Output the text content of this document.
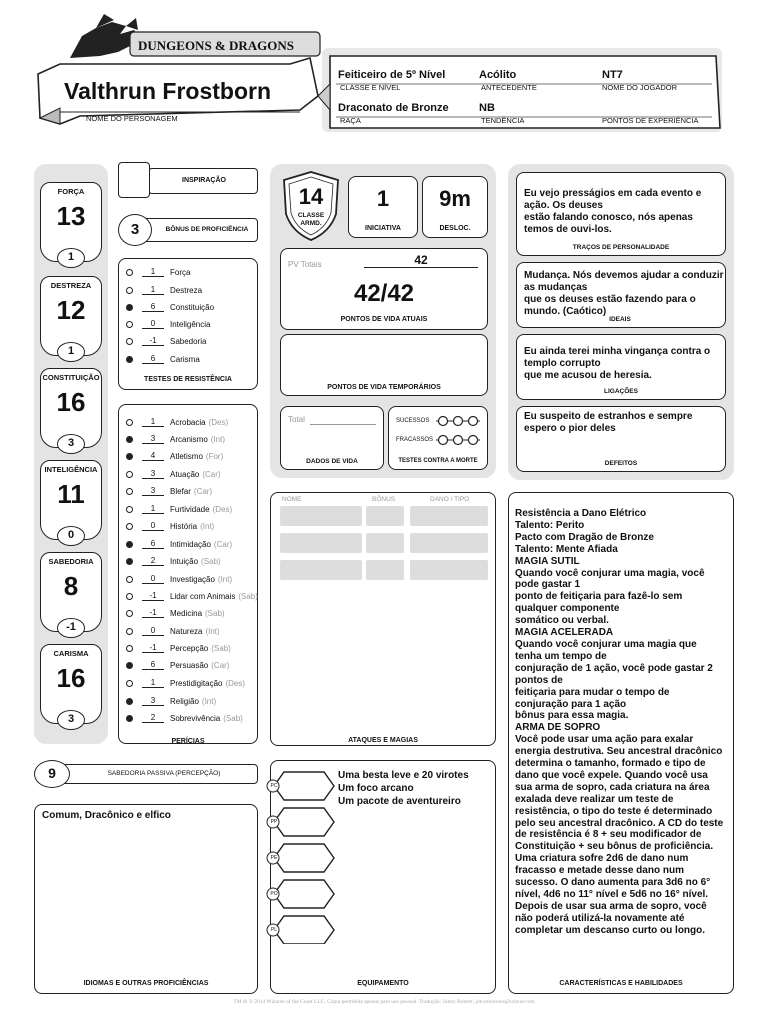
DUNGEONS & DRAGONS
Valthrun Frostborn
NOME DO PERSONAGEM
Feiticeiro de 5º Nível
CLASSE E NÍVEL
Acólito
ANTECEDENTE
NT7
NOME DO JOGADOR
Draconato de Bronze
RAÇA
NB
TENDÊNCIA	PONTOS DE EXPERIÊNCIA
FORÇA
13
1
DESTREZA
12
1
CONSTITUIÇÃO
16
3
INTELIGÊNCIA
11
0
SABEDORIA
8
-1
CARISMA
16
3
INSPIRAÇÃO
3	BÔNUS DE PROFICIÊNCIA
1	Força
1	Destreza
6	Constituição
0	Inteligência
-1	Sabedoria
6	Carisma
TESTES DE RESISTÊNCIA
1	Acrobacia (Des)
3	Arcanismo (Int)
4	Atletismo (For)
3	Atuação (Car)
3	Blefar (Car)
1	Furtividade (Des)
0	História (Int)
6	Intimidação (Car)
2	Intuição (Sab)
0	Investigação (Int)
-1	Lidar com Animais (Sab)
-1	Medicina (Sab)
0	Natureza (Int)
-1	Percepção (Sab)
6	Persuasão (Car)
1	Prestidigitação (Des)
3	Religião (Int)
2	Sobrevivência (Sab)
PERÍCIAS
9	SABEDORIA PASSIVA (PERCEPÇÃO)
Comum, Dracônico e elfico
IDIOMAS E OUTRAS PROFICIÊNCIAS
14
CLASSE ARMD.
1
INICIATIVA
9m
DESLOC.
PV Totais	42
42/42
PONTOS DE VIDA ATUAIS
PONTOS DE VIDA TEMPORÁRIOS
Total
DADOS DE VIDA
SUCESSOS
FRACASSOS
TESTES CONTRA A MORTE
NOME	BÔNUS	DANO / TIPO
ATAQUES E MAGIAS
PC
PP
PE
PO
PL
Uma besta leve e 20 virotes
Um foco arcano
Um pacote de aventureiro
EQUIPAMENTO
Eu vejo presságios em cada evento e
ação. Os deuses
estão falando conosco, nós apenas
temos de ouvi-los.
TRAÇOS DE PERSONALIDADE
Mudança. Nós devemos ajudar a conduzir
as mudanças
que os deuses estão fazendo para o
mundo. (Caótico)
IDEAIS
Eu ainda terei minha vingança contra o
templo corrupto
que me acusou de heresia.
LIGAÇÕES
Eu suspeito de estranhos e sempre
espero o pior deles
DEFEITOS
Resistência a Dano Elétrico
Talento: Perito
Pacto com Dragão de Bronze
Talento: Mente Afiada
MAGIA SUTIL
Quando você conjurar uma magia, você
pode gastar 1
ponto de feitiçaria para fazê-lo sem
qualquer componente
somático ou verbal.
MAGIA ACELERADA
Quando você conjurar uma magia que
tenha um tempo de
conjuração de 1 ação, você pode gastar 2
pontos de
feitiçaria para mudar o tempo de
conjuração para 1 ação
bônus para essa magia.
ARMA DE SOPRO
Você pode usar uma ação para exalar
energia destrutiva. Seu ancestral dracônico
determina o tamanho, formado e tipo de
dano que você expele. Quando você usa
sua arma de sopro, cada criatura na área
exalada deve realizar um teste de
resistência, o tipo do teste é determinado
pelo seu ancestral dracônico. A CD do teste
de resistência é 8 + seu modificador de
Constituição + seu bônus de proficiência.
Uma criatura sofre 2d6 de dano num
fracasso e metade desse dano num
sucesso. O dano aumenta para 3d6 no 6°
nível, 4d6 no 11° nível e 5d6 no 16° nível.
Depois de usar sua arma de sopro, você
não poderá utilizá-la novamente até
completar um descanso curto ou longo.
CARACTERÍSTICAS E HABILIDADES
TM & © 2014 Wizards of the Coast LLC. Cópia permitida apenas para uso pessoal. Tradução: Johny Robert | jetcorreioreis@icloud.com
